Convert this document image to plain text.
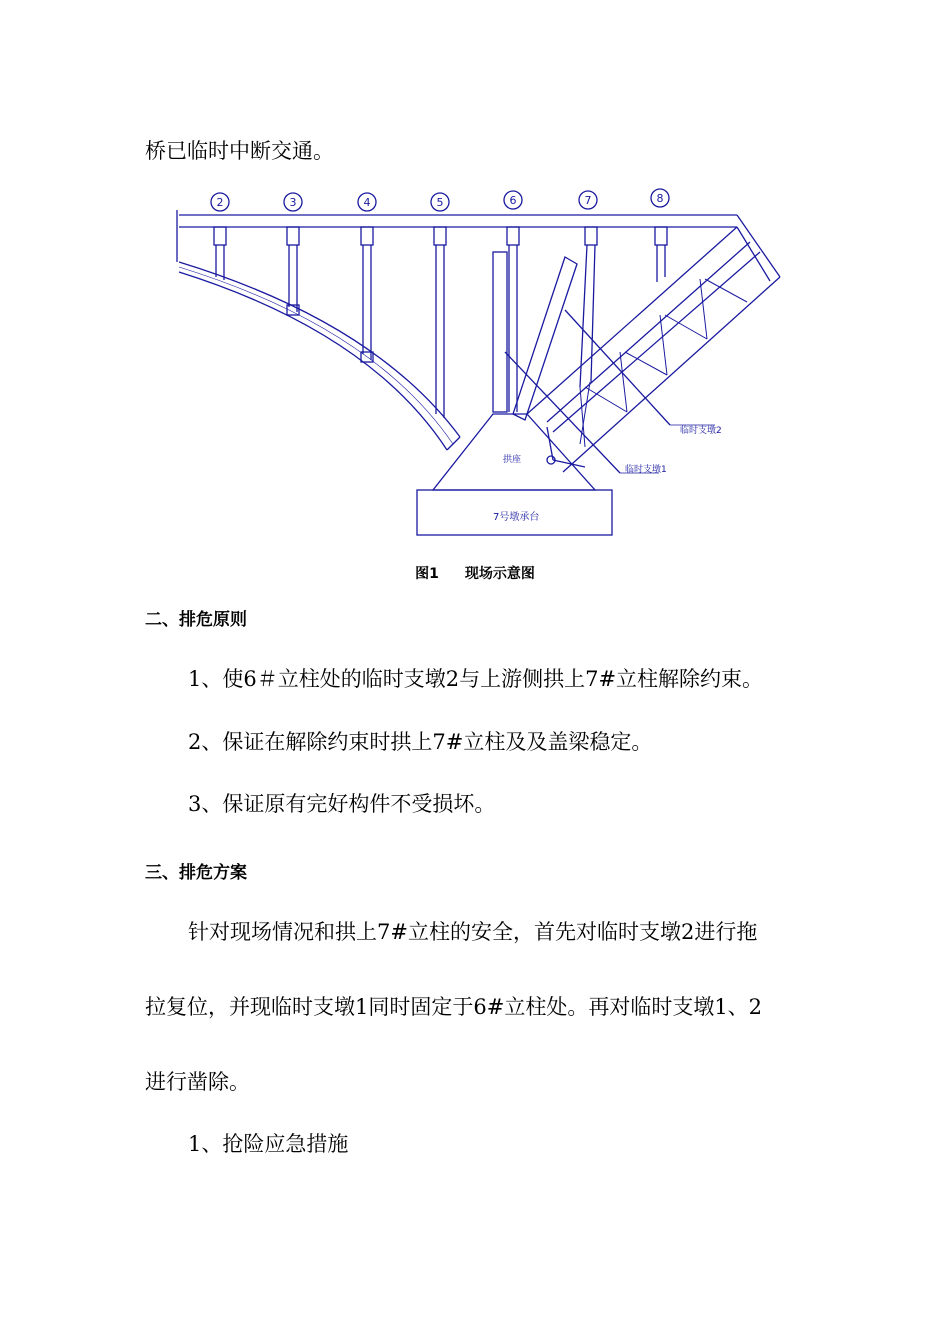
桥已临时中断交通。
2	3	4	5	6	7	8
拱座
7号墩承台
临时支墩1
临时支墩2
图1 现场示意图
二、排危原则
1、使6＃立柱处的临时支墩2与上游侧拱上7#立柱解除约束。
2、保证在解除约束时拱上7#立柱及及盖梁稳定。
3、保证原有完好构件不受损坏。
三、排危方案
针对现场情况和拱上7#立柱的安全，首先对临时支墩2进行拖
拉复位，并现临时支墩1同时固定于6#立柱处。再对临时支墩1、2
进行凿除。
1、抢险应急措施
